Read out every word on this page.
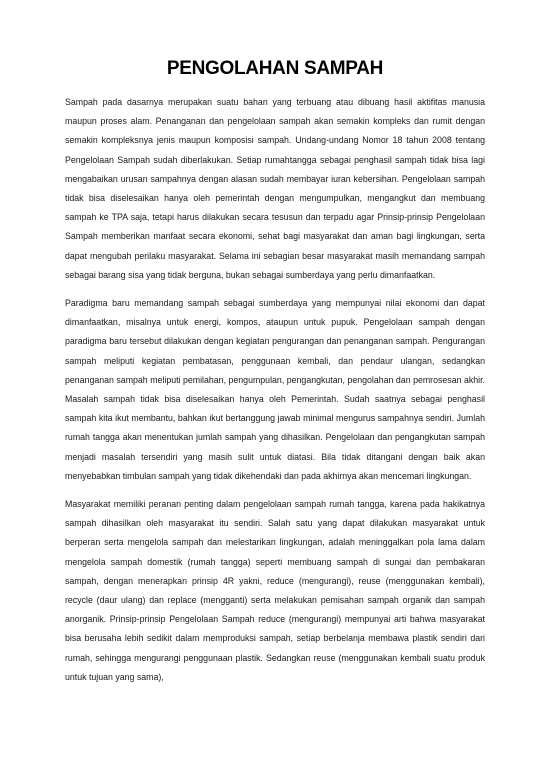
PENGOLAHAN SAMPAH

Sampah pada dasarnya merupakan suatu bahan yang terbuang atau dibuang hasil aktifitas manusia maupun proses alam. Penanganan dan pengelolaan sampah akan semakin kompleks dan rumit dengan semakin kompleksnya jenis maupun komposisi sampah. Undang-undang Nomor 18 tahun 2008 tentang Pengelolaan Sampah sudah diberlakukan. Setiap rumahtangga sebagai penghasil sampah tidak bisa lagi mengabaikan urusan sampahnya dengan alasan sudah membayar iuran kebersihan. Pengelolaan sampah tidak bisa diselesaikan hanya oleh pemerintah dengan mengumpulkan, mengangkut dan membuang sampah ke TPA saja, tetapi harus dilakukan secara tesusun dan terpadu agar Prinsip-prinsip Pengelolaan Sampah memberikan manfaat secara ekonomi, sehat bagi masyarakat dan aman bagi lingkungan, serta dapat mengubah perilaku masyarakat. Selama ini sebagian besar masyarakat masih memandang sampah sebagai barang sisa yang tidak berguna, bukan sebagai sumberdaya yang perlu dimanfaatkan.

Paradigma baru memandang sampah sebagai sumberdaya yang mempunyai nilai ekonomi dan dapat dimanfaatkan, misalnya untuk energi, kompos, ataupun untuk pupuk. Pengelolaan sampah dengan paradigma baru tersebut dilakukan dengan kegiatan pengurangan dan penanganan sampah. Pengurangan sampah meliputi kegiatan pembatasan, penggunaan kembali, dan pendaur ulangan, sedangkan penanganan sampah meliputi pemilahan, pengumpulan, pengangkutan, pengolahan dan pemrosesan akhir. Masalah sampah tidak bisa diselesaikan hanya oleh Pemerintah. Sudah saatnya sebagai penghasil sampah kita ikut membantu, bahkan ikut bertanggung jawab minimal mengurus sampahnya sendiri. Jumlah rumah tangga akan menentukan jumlah sampah yang dihasilkan. Pengelolaan dan pengangkutan sampah menjadi masalah tersendiri yang masih sulit untuk diatasi. Bila tidak ditangani dengan baik akan menyebabkan timbulan sampah yang tidak dikehendaki dan pada akhirnya akan mencemari lingkungan.

Masyarakat memiliki peranan penting dalam pengelolaan sampah rumah tangga, karena pada hakikatnya sampah dihasilkan oleh masyarakat itu sendiri. Salah satu yang dapat dilakukan masyarakat untuk berperan serta mengelola sampah dan melestarikan lingkungan, adalah meninggalkan pola lama dalam mengelola sampah domestik (rumah tangga) seperti membuang sampah di sungai dan pembakaran sampah, dengan menerapkan prinsip 4R yakni, reduce (mengurangi), reuse (menggunakan kembali), recycle (daur ulang) dan replace (mengganti) serta melakukan pemisahan sampah organik dan sampah anorganik. Prinsip-prinsip Pengelolaan Sampah reduce (mengurangi) mempunyai arti bahwa masyarakat bisa berusaha lebih sedikit dalam memproduksi sampah, setiap berbelanja membawa plastik sendiri dari rumah, sehingga mengurangi penggunaan plastik. Sedangkan reuse (menggunakan kembali suatu produk untuk tujuan yang sama),
